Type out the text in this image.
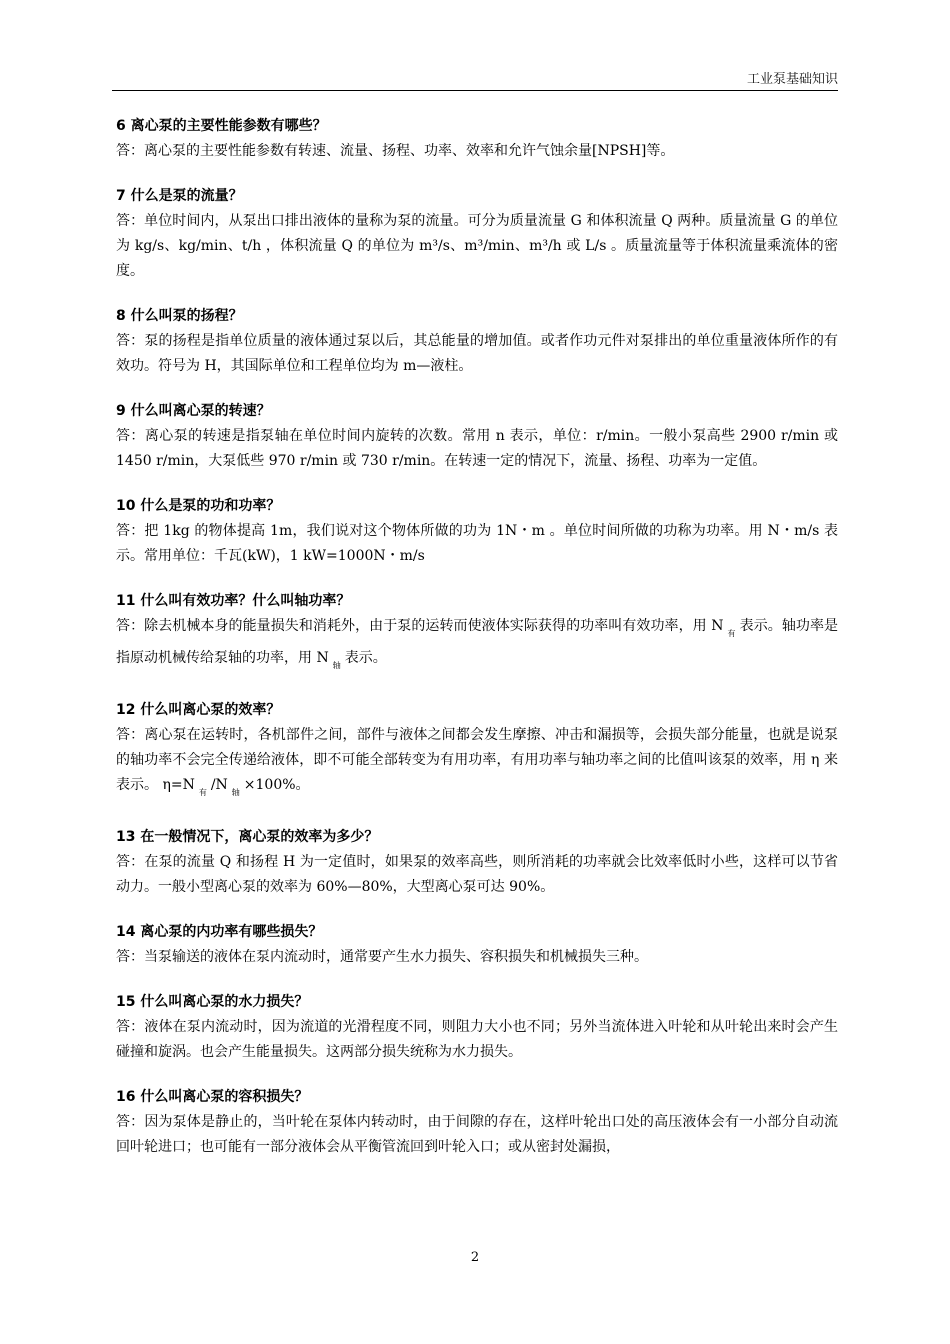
工业泵基础知识
6 离心泵的主要性能参数有哪些？
答：离心泵的主要性能参数有转速、流量、扬程、功率、效率和允许气蚀余量[NPSH]等。
7 什么是泵的流量？
答：单位时间内，从泵出口排出液体的量称为泵的流量。可分为质量流量 G 和体积流量 Q 两种。质量流量 G 的单位为 kg/s、kg/min、t/h ，体积流量 Q 的单位为 m³/s、m³/min、m³/h 或 L/s 。质量流量等于体积流量乘流体的密度。
8 什么叫泵的扬程？
答：泵的扬程是指单位质量的液体通过泵以后，其总能量的增加值。或者作功元件对泵排出的单位重量液体所作的有效功。符号为 H，其国际单位和工程单位均为 m—液柱。
9 什么叫离心泵的转速？
答：离心泵的转速是指泵轴在单位时间内旋转的次数。常用 n 表示，单位：r/min。一般小泵高些 2900 r/min 或 1450 r/min，大泵低些 970 r/min 或 730 r/min。在转速一定的情况下，流量、扬程、功率为一定值。
10 什么是泵的功和功率？
答：把 1kg 的物体提高 1m，我们说对这个物体所做的功为 1N・m 。单位时间所做的功称为功率。用 N・m/s 表示。常用单位：千瓦(kW)，1 kW=1000N・m/s
11 什么叫有效功率？什么叫轴功率？
答：除去机械本身的能量损失和消耗外，由于泵的运转而使液体实际获得的功率叫有效功率，用 N $_有$ 表示。轴功率是指原动机械传给泵轴的功率，用 N $_轴$ 表示。
12 什么叫离心泵的效率？
答：离心泵在运转时，各机部件之间，部件与液体之间都会发生摩擦、冲击和漏损等，会损失部分能量，也就是说泵的轴功率不会完全传递给液体，即不可能全部转变为有用功率，有用功率与轴功率之间的比值叫该泵的效率，用 η 来表示。 η=N $_有$ /N $_轴$ ×100%。
13 在一般情况下，离心泵的效率为多少？
答：在泵的流量 Q 和扬程 H 为一定值时，如果泵的效率高些，则所消耗的功率就会比效率低时小些，这样可以节省动力。一般小型离心泵的效率为 60%—80%，大型离心泵可达 90%。
14 离心泵的内功率有哪些损失？
答：当泵输送的液体在泵内流动时，通常要产生水力损失、容积损失和机械损失三种。
15 什么叫离心泵的水力损失？
答：液体在泵内流动时，因为流道的光滑程度不同，则阻力大小也不同；另外当流体进入叶轮和从叶轮出来时会产生碰撞和旋涡。也会产生能量损失。这两部分损失统称为水力损失。
16 什么叫离心泵的容积损失？
答：因为泵体是静止的，当叶轮在泵体内转动时，由于间隙的存在，这样叶轮出口处的高压液体会有一小部分自动流回叶轮进口；也可能有一部分液体会从平衡管流回到叶轮入口；或从密封处漏损，
2
